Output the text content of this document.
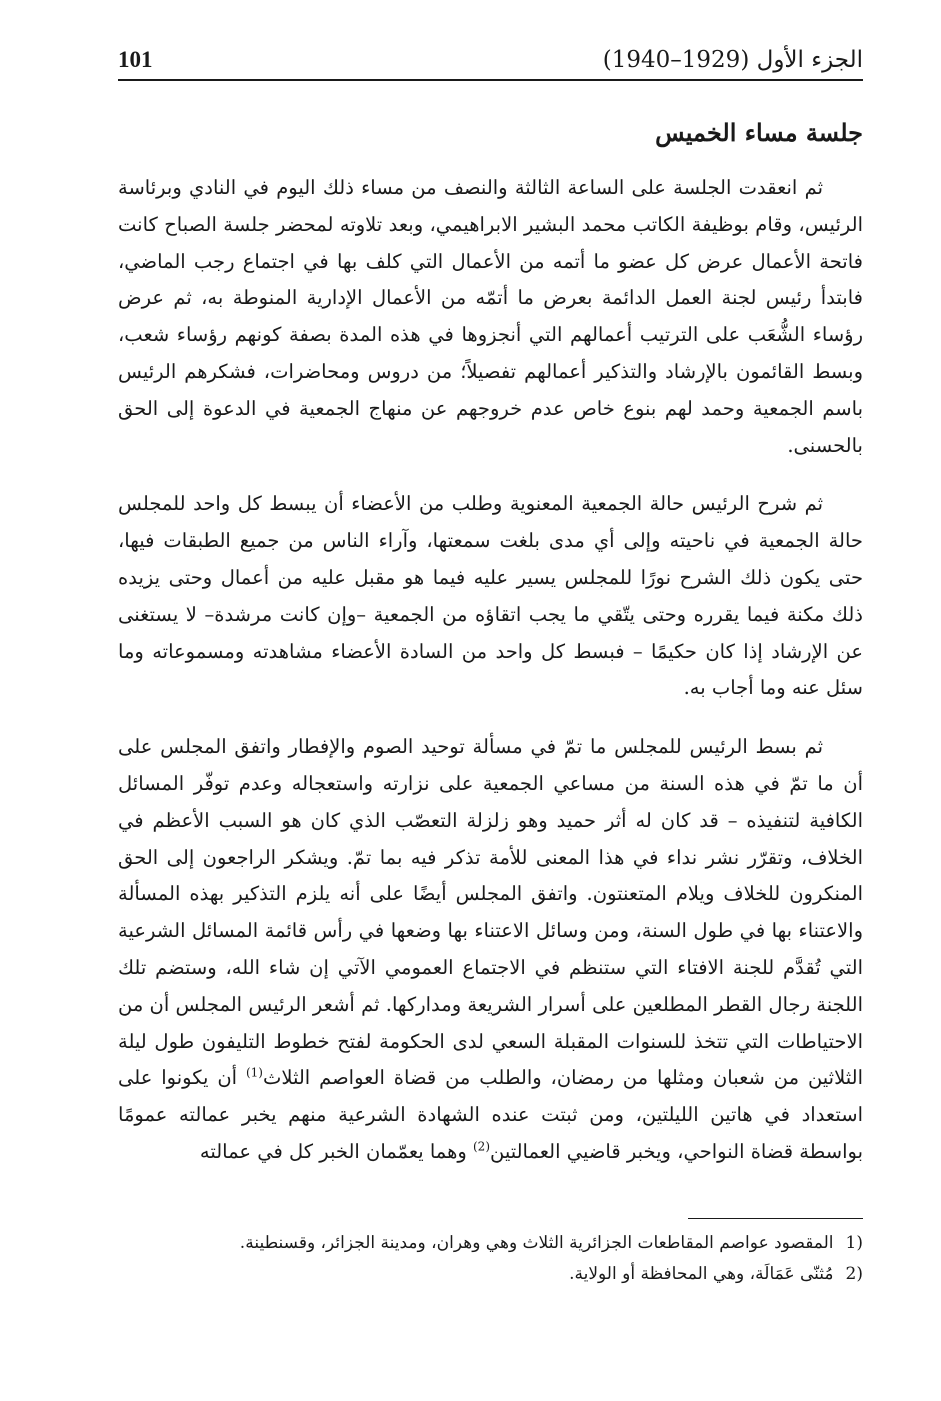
101	الجزء الأول (1929–1940)
جلسة مساء الخميس

ثم انعقدت الجلسة على الساعة الثالثة والنصف من مساء ذلك اليوم في النادي وبرئاسة الرئيس، وقام بوظيفة الكاتب محمد البشير الابراهيمي، وبعد تلاوته لمحضر جلسة الصباح كانت فاتحة الأعمال عرض كل عضو ما أتمه من الأعمال التي كلف بها في اجتماع رجب الماضي، فابتدأ رئيس لجنة العمل الدائمة بعرض ما أتمّه من الأعمال الإدارية المنوطة به، ثم عرض رؤساء الشُّعَب على الترتيب أعمالهم التي أنجزوها في هذه المدة بصفة كونهم رؤساء شعب، وبسط القائمون بالإرشاد والتذكير أعمالهم تفصيلاً؛ من دروس ومحاضرات، فشكرهم الرئيس باسم الجمعية وحمد لهم بنوع خاص عدم خروجهم عن منهاج الجمعية في الدعوة إلى الحق بالحسنى.

ثم شرح الرئيس حالة الجمعية المعنوية وطلب من الأعضاء أن يبسط كل واحد للمجلس حالة الجمعية في ناحيته وإلى أي مدى بلغت سمعتها، وآراء الناس من جميع الطبقات فيها، حتى يكون ذلك الشرح نورًا للمجلس يسير عليه فيما هو مقبل عليه من أعمال وحتى يزيده ذلك مكنة فيما يقرره وحتى يتّقي ما يجب اتقاؤه من الجمعية –وإن كانت مرشدة– لا يستغنى عن الإرشاد إذا كان حكيمًا – فبسط كل واحد من السادة الأعضاء مشاهدته ومسموعاته وما سئل عنه وما أجاب به.

ثم بسط الرئيس للمجلس ما تمّ في مسألة توحيد الصوم والإفطار واتفق المجلس على أن ما تمّ في هذه السنة من مساعي الجمعية على نزارته واستعجاله وعدم توفّر المسائل الكافية لتنفيذه – قد كان له أثر حميد وهو زلزلة التعصّب الذي كان هو السبب الأعظم في الخلاف، وتقرّر نشر نداء في هذا المعنى للأمة تذكر فيه بما تمّ. ويشكر الراجعون إلى الحق المنكرون للخلاف ويلام المتعنتون. واتفق المجلس أيضًا على أنه يلزم التذكير بهذه المسألة والاعتناء بها في طول السنة، ومن وسائل الاعتناء بها وضعها في رأس قائمة المسائل الشرعية التي تُقدَّم للجنة الافتاء التي ستنظم في الاجتماع العمومي الآتي إن شاء الله، وستضم تلك اللجنة رجال القطر المطلعين على أسرار الشريعة ومداركها. ثم أشعر الرئيس المجلس أن من الاحتياطات التي تتخذ للسنوات المقبلة السعي لدى الحكومة لفتح خطوط التليفون طول ليلة الثلاثين من شعبان ومثلها من رمضان، والطلب من قضاة العواصم الثلاث$^{(1)}$ أن يكونوا على استعداد في هاتين الليلتين، ومن ثبتت عنده الشهادة الشرعية منهم يخبر عمالته عمومًا بواسطة قضاة النواحي، ويخبر قاضيي العمالتين$^{(2)}$ وهما يعمّمان الخبر كل في عمالته

1)
المقصود عواصم المقاطعات الجزائرية الثلاث وهي وهران، ومدينة الجزائر، وقسنطينة.
2)
مُثنّى عَمَالَة، وهي المحافظة أو الولاية.
